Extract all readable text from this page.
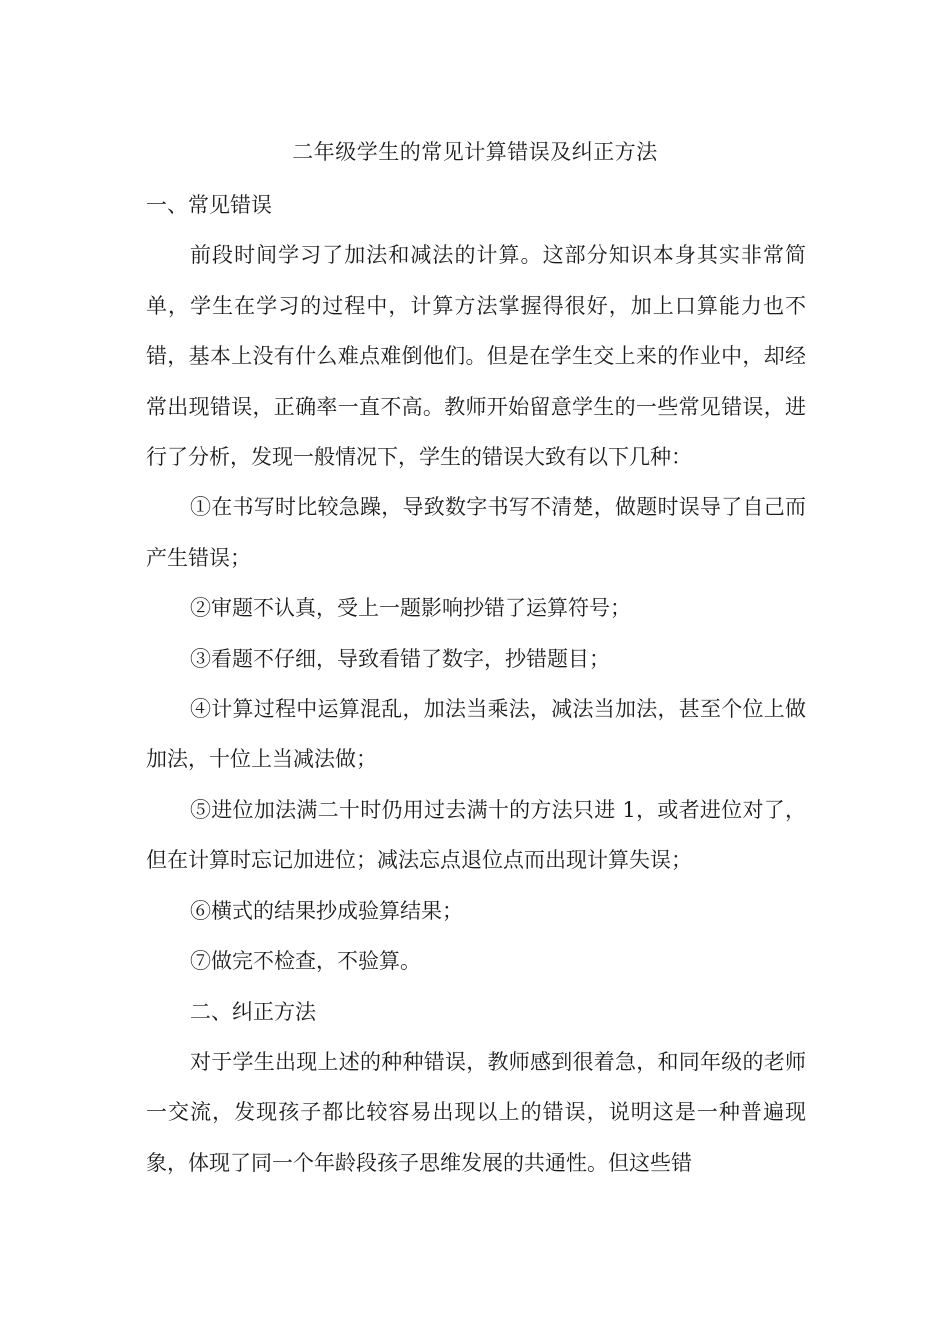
二年级学生的常见计算错误及纠正方法

一、常见错误

前段时间学习了加法和减法的计算。这部分知识本身其实非常简单，学生在学习的过程中，计算方法掌握得很好，加上口算能力也不错，基本上没有什么难点难倒他们。但是在学生交上来的作业中，却经常出现错误，正确率一直不高。教师开始留意学生的一些常见错误，进行了分析，发现一般情况下，学生的错误大致有以下几种：

①在书写时比较急躁，导致数字书写不清楚，做题时误导了自己而产生错误；

②审题不认真，受上一题影响抄错了运算符号；

③看题不仔细，导致看错了数字，抄错题目；

④计算过程中运算混乱，加法当乘法，减法当加法，甚至个位上做加法，十位上当减法做；

⑤进位加法满二十时仍用过去满十的方法只进 1，或者进位对了，但在计算时忘记加进位；减法忘点退位点而出现计算失误；

⑥横式的结果抄成验算结果；

⑦做完不检查，不验算。

二、纠正方法

对于学生出现上述的种种错误，教师感到很着急，和同年级的老师一交流，发现孩子都比较容易出现以上的错误，说明这是一种普遍现象，体现了同一个年龄段孩子思维发展的共通性。但这些错
